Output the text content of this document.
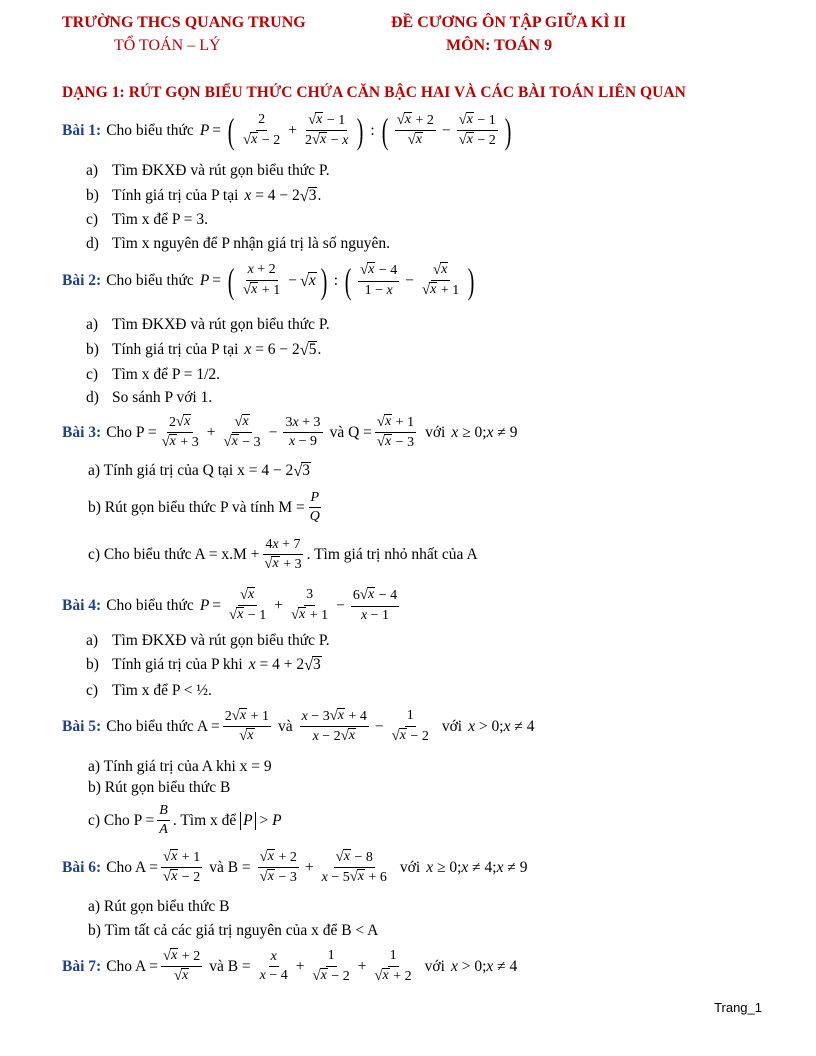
TRƯỜNG THCS QUANG TRUNG	ĐỀ CƯƠNG ÔN TẬP GIỮA KÌ II
TỔ TOÁN – LÝ	MÔN: TOÁN 9
DẠNG 1: RÚT GỌN BIỂU THỨC CHỨA CĂN BẬC HAI VÀ CÁC BÀI TOÁN LIÊN QUAN
Bài 1: Cho biểu thức P = ( $\frac{2}{√ x - 2} + \frac{√ x - 1}{2 √ x - x}$ ) : ( $\frac{√ x + 2}{√ x} - \frac{√ x - 1}{√ x - 2}$ )
a) Tìm ĐKXĐ và rút gọn biểu thức P.
b) Tính giá trị của P tại x = 4 − 2 √ 3 .
c) Tìm x để P = 3.
d) Tìm x nguyên để P nhận giá trị là số nguyên.
Bài 2: Cho biểu thức P = ( $\frac{x + 2}{√ x + 1}$ − √ x ) : ( $\frac{√ x - 4}{1 - x} - \frac{√ x}{√ x + 1}$ )
a) Tìm ĐKXĐ và rút gọn biểu thức P.
b) Tính giá trị của P tại x = 6 − 2 √ 5 .
c) Tìm x để P = 1/2.
d) So sánh P với 1.
Bài 3: Cho $P = \frac{2 √ x}{√ x + 3} + \frac{√ x}{√ x - 3} - \frac{3x + 3}{x - 9}$ và $Q = \frac{√ x + 1}{√ x - 3}$ với x ≥ 0; x ≠ 9
a) Tính giá trị của Q tại x = 4 − 2 √ 3
b) Rút gọn biểu thức P và tính $M = \frac{P}{Q}$
c) Cho biểu thức $A = x.M + \frac{4x + 7}{√ x + 3}$ . Tìm giá trị nhỏ nhất của A
Bài 4: Cho biểu thức $P = \frac{√ x}{√ x - 1} + \frac{3}{√ x + 1} - \frac{6 √ x - 4}{x - 1}$
a) Tìm ĐKXĐ và rút gọn biểu thức P.
b) Tính giá trị của P khi x = 4 + 2 √ 3
c) Tìm x để P < ½.
Bài 5: Cho biểu thức $A = \frac{2 √ x + 1}{√ x}$ và $\frac{x - 3 √ x + 4}{x - 2 √ x} - \frac{1}{√ x - 2}$ với x > 0; x ≠ 4
a) Tính giá trị của A khi x = 9
b) Rút gọn biểu thức B
c) Cho $P = \frac{B}{A}$ . Tìm x để
P > P
Bài 6: Cho $A = \frac{√ x + 1}{√ x - 2}$ và $B = \frac{√ x + 2}{√ x - 3} + \frac{√ x - 8}{x - 5 √ x + 6}$ với x ≥ 0; x ≠ 4; x ≠ 9
a) Rút gọn biểu thức B
b) Tìm tất cả các giá trị nguyên của x để B < A
Bài 7: Cho $A = \frac{√ x + 2}{√ x}$ và $B = \frac{x}{x - 4} + \frac{1}{√ x - 2} + \frac{1}{√ x + 2}$ với x > 0; x ≠ 4
Trang_1
